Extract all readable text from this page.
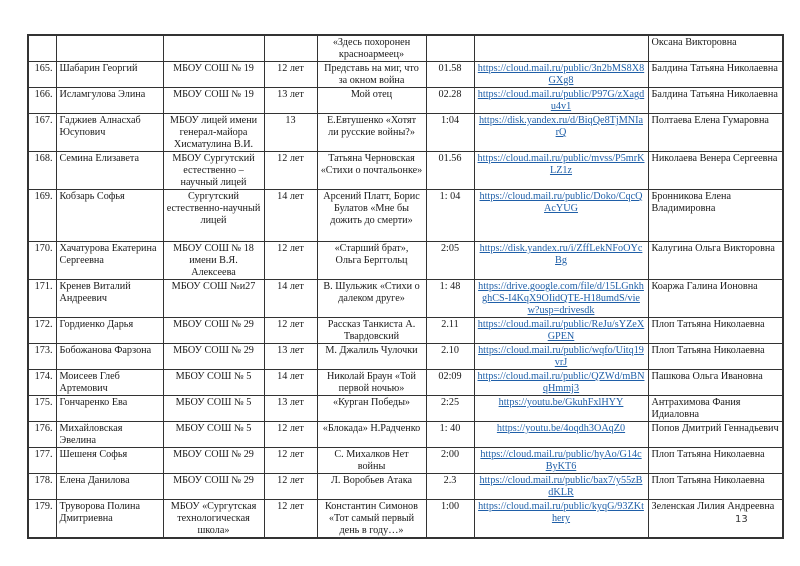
				«Здесь похоронен красноармеец»			Оксана Викторовна
165.	Шабарин Георгий	МБОУ СОШ № 19	12 лет	Представь на миг, что за окном война	01.58	https://cloud.mail.ru/public/3n2bMS8X8GXg8	Балдина Татьяна Николаевна
166.	Исламгулова Элина	МБОУ СОШ № 19	13 лет	Мой отец	02.28	https://cloud.mail.ru/public/P97G/zXagdu4v1	Балдина Татьяна Николаевна
167.	Гаджиев Алнасхаб Юсупович	МБОУ лицей имени генерал-майора Хисматулина В.И.	13	Е.Евтушенко «Хотят ли русские войны?»	1:04	https://disk.yandex.ru/d/BiqQe8TjMNIarQ	Полтаева Елена Гумаровна
168.	Семина Елизавета	МБОУ Сургутский естественно – научный лицей	12 лет	Татьяна Черновская «Стихи о почтальонке»	01.56	https://cloud.mail.ru/public/mvss/P5mrKLZ1z	Николаева Венера Сергеевна
169.	Кобзарь Софья	Сургутский естественно-научный лицей	14 лет	Арсений Платт, Борис Булатов «Мне бы дожить до смерти»	1: 04	https://cloud.mail.ru/public/Doko/CqcQAcYUG	Бронникова Елена Владимировна
170.	Хачатурова Екатерина Сергеевна	МБОУ СОШ № 18 имени В.Я. Алексеева	12 лет	«Старший брат», Ольга Берггольц	2:05	https://disk.yandex.ru/i/ZffLekNFoOYcBg	Калугина Ольга Викторовна
171.	Кренев Виталий Андреевич	МБОУ СОШ №и27	14 лет	В. Шульжик «Стихи о далеком друге»	1: 48	https://drive.google.com/file/d/15LGnkhghCS-I4KqX9OIidQTE-H18umdS/view?usp=drivesdk	Коаржа Галина Ионовна
172.	Гордиенко Дарья	МБОУ СОШ № 29	12 лет	Рассказ Танкиста А. Твардовский	2.11	https://cloud.mail.ru/public/ReJu/sYZeXGPEN	Плоп Татьяна Николаевна
173.	Бобожанова Фарзона	МБОУ СОШ № 29	13 лет	М. Джалиль Чулочки	2.10	https://cloud.mail.ru/public/wqfo/Uitq19vrJ	Плоп Татьяна Николаевна
174.	Моисеев Глеб Артемович	МБОУ СОШ № 5	14 лет	Николай Браун «Той первой ночью»	02:09	https://cloud.mail.ru/public/QZWd/mBNqHmmj3	Пашкова Ольга Ивановна
175.	Гончаренко Ева	МБОУ СОШ № 5	13 лет	«Курган Победы»	2:25	https://youtu.be/GkuhFxlHYY	Антрахимова Фания Идиаловна
176.	Михайловская Эвелина	МБОУ СОШ № 5	12 лет	«Блокада» Н.Радченко	1: 40	https://youtu.be/4oqdh3OAqZ0	Попов Дмитрий Геннадьевич
177.	Шешеня Софья	МБОУ СОШ № 29	12 лет	С. Михалков Нет войны	2:00	https://cloud.mail.ru/public/hyAo/G14cByKT6	Плоп Татьяна Николаевна
178.	Елена Данилова	МБОУ СОШ № 29	12 лет	Л. Воробьев Атака	2.3	https://cloud.mail.ru/public/bax7/y55zBdKLR	Плоп Татьяна Николаевна
179.	Труворова Полина Дмитриевна	МБОУ «Сургутская технологическая школа»	12 лет	Константин Симонов «Тот самый первый день в году…»	1:00	https://cloud.mail.ru/public/kyqG/93ZKthery	Зеленская Лилия Андреевна
13
